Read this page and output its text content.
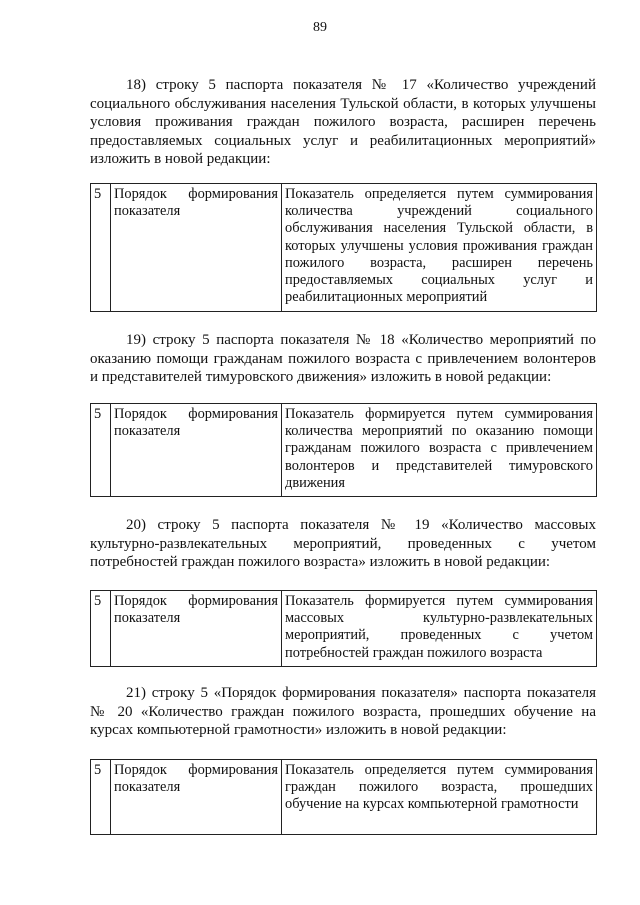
89

18) строку 5 паспорта показателя № 17 «Количество учреждений социального обслуживания населения Тульской области, в которых улучшены условия проживания граждан пожилого возраста, расширен перечень предоставляемых социальных услуг и реабилитационных мероприятий» изложить в новой редакции:

5	Порядок формирования показателя	Показатель определяется путем суммирования количества учреждений социального обслуживания населения Тульской области, в которых улучшены условия проживания граждан пожилого возраста, расширен перечень предоставляемых социальных услуг и реабилитационных мероприятий

19) строку 5 паспорта показателя № 18 «Количество мероприятий по оказанию помощи гражданам пожилого возраста с привлечением волонтеров и представителей тимуровского движения» изложить в новой редакции:

5	Порядок формирования показателя	Показатель формируется путем суммирования количества мероприятий по оказанию помощи гражданам пожилого возраста с привлечением волонтеров и представителей тимуровского движения

20) строку 5 паспорта показателя № 19 «Количество массовых культурно-развлекательных мероприятий, проведенных с учетом потребностей граждан пожилого возраста» изложить в новой редакции:

5	Порядок формирования показателя	Показатель формируется путем суммирования массовых культурно-развлекательных мероприятий, проведенных с учетом потребностей граждан пожилого возраста

21) строку 5 «Порядок формирования показателя» паспорта показателя № 20 «Количество граждан пожилого возраста, прошедших обучение на курсах компьютерной грамотности» изложить в новой редакции:

5	Порядок формирования показателя	Показатель определяется путем суммирования граждан пожилого возраста, прошедших обучение на курсах компьютерной грамотности
